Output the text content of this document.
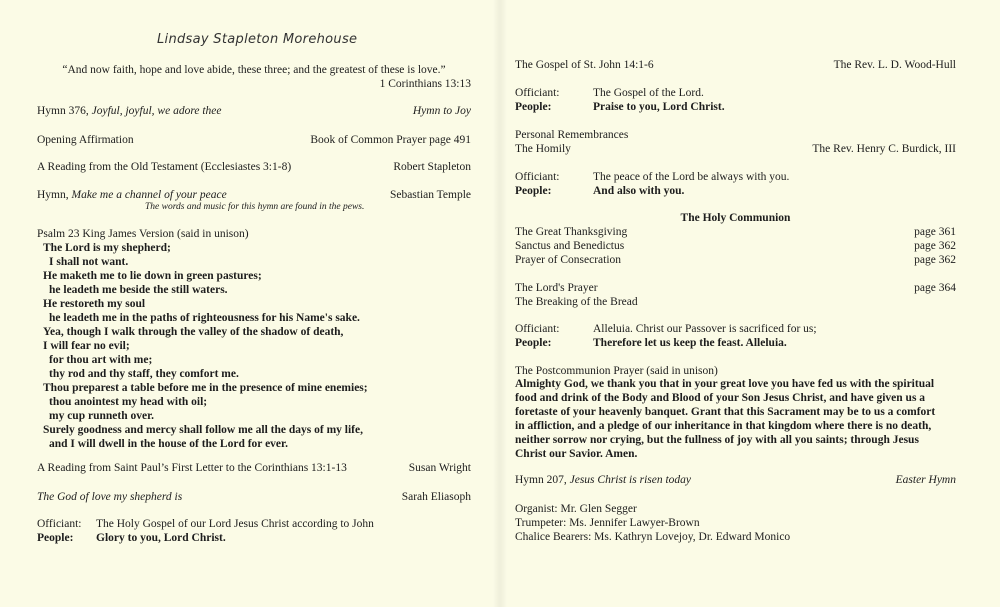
Lindsay Stapleton Morehouse
“And now faith, hope and love abide, these three; and the greatest of these is love.”
1 Corinthians 13:13
Hymn 376, Joyful, joyful, we adore thee	Hymn to Joy
Opening Affirmation	Book of Common Prayer page 491
A Reading from the Old Testament (Ecclesiastes 3:1-8)	Robert Stapleton
Hymn, Make me a channel of your peace	Sebastian Temple
The words and music for this hymn are found in the pews.
Psalm 23 King James Version (said in unison)
The Lord is my shepherd;
I shall not want.
He maketh me to lie down in green pastures;
he leadeth me beside the still waters.
He restoreth my soul
he leadeth me in the paths of righteousness for his Name's sake.
Yea, though I walk through the valley of the shadow of death,
I will fear no evil;
for thou art with me;
thy rod and thy staff, they comfort me.
Thou preparest a table before me in the presence of mine enemies;
thou anointest my head with oil;
my cup runneth over.
Surely goodness and mercy shall follow me all the days of my life,
and I will dwell in the house of the Lord for ever.
A Reading from Saint Paul’s First Letter to the Corinthians 13:1-13	Susan Wright
The God of love my shepherd is	Sarah Eliasoph
Officiant: The Holy Gospel of our Lord Jesus Christ according to John
People: Glory to you, Lord Christ.
The Gospel of St. John 14:1-6	The Rev. L. D. Wood-Hull
Officiant:	The Gospel of the Lord.
People:	Praise to you, Lord Christ.
Personal Remembrances
The Homily	The Rev. Henry C. Burdick, III
Officiant:	The peace of the Lord be always with you.
People:	And also with you.
The Holy Communion
The Great Thanksgiving	page 361
Sanctus and Benedictus	page 362
Prayer of Consecration	page 362
The Lord's Prayer	page 364
The Breaking of the Bread
Officiant:	Alleluia. Christ our Passover is sacrificed for us;
People:	Therefore let us keep the feast. Alleluia.
The Postcommunion Prayer (said in unison)
Almighty God, we thank you that in your great love you have fed us with the spiritual
food and drink of the Body and Blood of your Son Jesus Christ, and have given us a
foretaste of your heavenly banquet. Grant that this Sacrament may be to us a comfort
in affliction, and a pledge of our inheritance in that kingdom where there is no death,
neither sorrow nor crying, but the fullness of joy with all you saints; through Jesus
Christ our Savior. Amen.
Hymn 207, Jesus Christ is risen today	Easter Hymn
Organist: Mr. Glen Segger
Trumpeter: Ms. Jennifer Lawyer-Brown
Chalice Bearers: Ms. Kathryn Lovejoy, Dr. Edward Monico
